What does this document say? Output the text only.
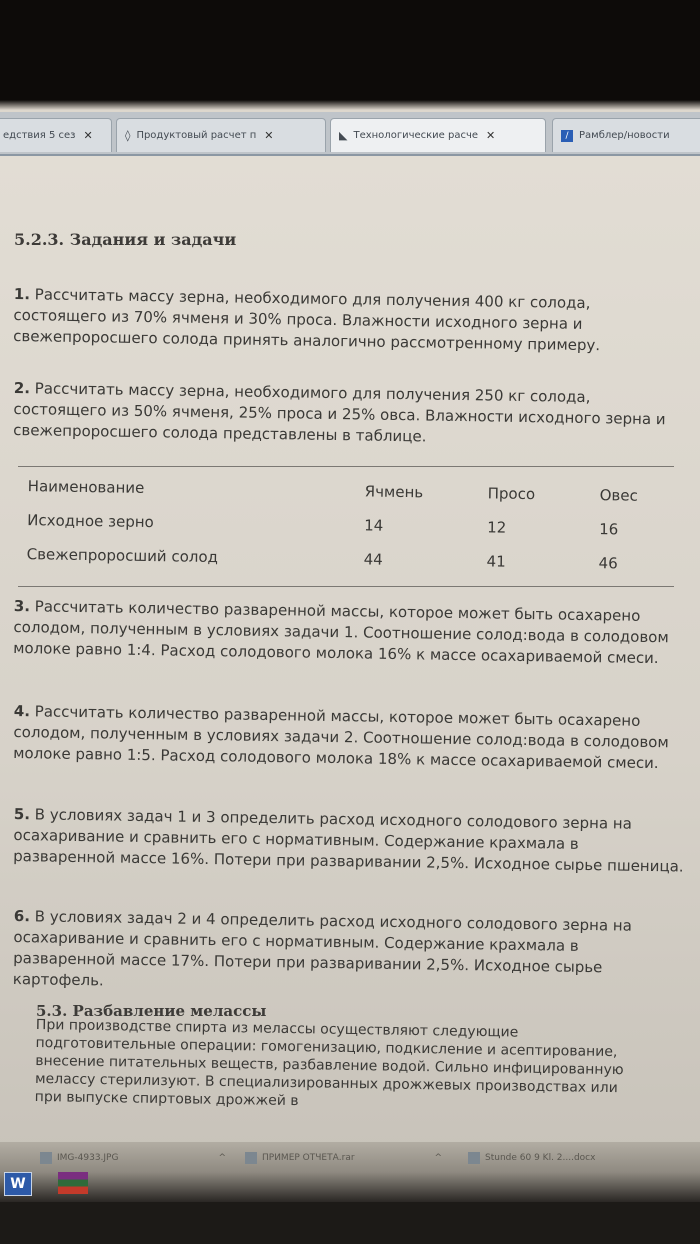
едствия 5 сез ✕	◊ Продуктовый расчет п ✕	◣ Технологические расче ✕	/	Рамблер/новости
5.2.3. Задания и задачи
1. Рассчитать массу зерна, необходимого для получения 400 кг солода, состоящего из 70% ячменя и 30% проса. Влажности исходного зерна и свежепроросшего солода принять аналогично рассмотренному примеру.
2. Рассчитать массу зерна, необходимого для получения 250 кг солода, состоящего из 50% ячменя, 25% проса и 25% овса. Влажности исходного зерна и свежепроросшего солода представлены в таблице.
Наименование	Ячмень	Просо	Овес
Исходное зерно	14	12	16
Свежепроросший солод	44	41	46
3. Рассчитать количество разваренной массы, которое может быть осахарено солодом, полученным в условиях задачи 1. Соотношение солод:вода в солодовом молоке равно 1:4. Расход солодового молока 16% к массе осахариваемой смеси.
4. Рассчитать количество разваренной массы, которое может быть осахарено солодом, полученным в условиях задачи 2. Соотношение солод:вода в солодовом молоке равно 1:5. Расход солодового молока 18% к массе осахариваемой смеси.
5. В условиях задач 1 и 3 определить расход исходного солодового зерна на осахаривание и сравнить его с нормативным. Содержание крахмала в разваренной массе 16%. Потери при разваривании 2,5%. Исходное сырье пшеница.
6. В условиях задач 2 и 4 определить расход исходного солодового зерна на осахаривание и сравнить его с нормативным. Содержание крахмала в разваренной массе 17%. Потери при разваривании 2,5%. Исходное сырье картофель.
5.3. Разбавление мелассы
При производстве спирта из мелассы осуществляют следующие подготовительные операции: гомогенизацию, подкисление и асептирование, внесение питательных веществ, разбавление водой. Сильно инфицированную мелассу стерилизуют. В специализированных дрожжевых производствах или при выпуске спиртовых дрожжей в
IMG-4933.JPG	^	ПРИМЕР ОТЧЕТА.rar	^	Stunde 60 9 Kl. 2....docx
W
